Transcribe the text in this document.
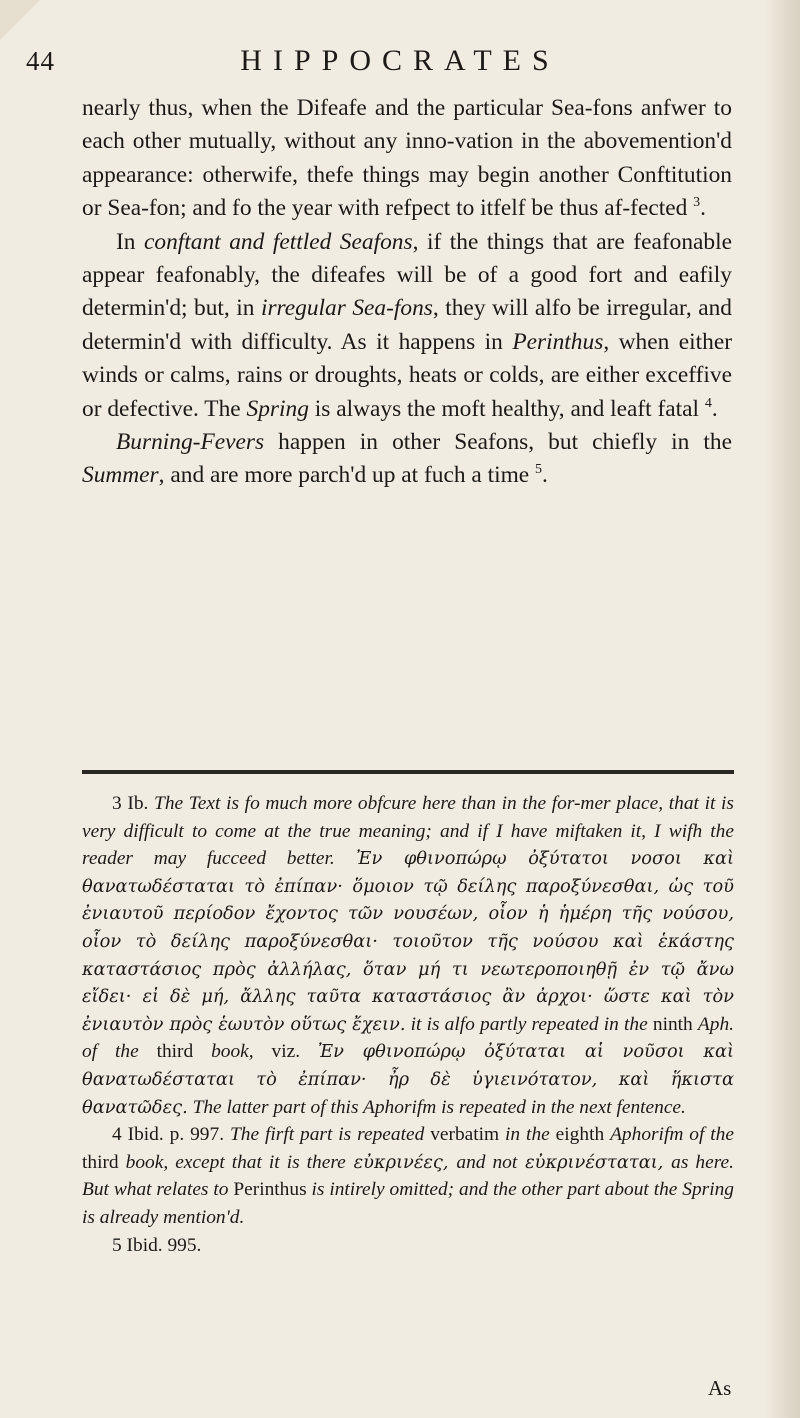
44	HIPPOCRATES

nearly thus, when the Difeafe and the particular Sea-fons anfwer to each other mutually, without any inno-vation in the abovemention'd appearance: otherwife, thefe things may begin another Conftitution or Sea-fon; and fo the year with refpect to itfelf be thus af-fected $^3$.

In conftant and fettled Seafons, if the things that are feafonable appear feafonably, the difeafes will be of a good fort and eafily determin'd; but, in irregular Sea-fons, they will alfo be irregular, and determin'd with difficulty. As it happens in Perinthus, when either winds or calms, rains or droughts, heats or colds, are either exceffive or defective. The Spring is always the moft healthy, and leaft fatal $^4$.

Burning-Fevers happen in other Seafons, but chiefly in the Summer, and are more parch'd up at fuch a time $^5$.

3 Ib. The Text is fo much more obfcure here than in the for-mer place, that it is very difficult to come at the true meaning; and if I have miftaken it, I wifh the reader may fucceed better. Ἐν φθινοπώρῳ ὀξύτατοι νοσοι καὶ θανατωδέσταται τὸ ἐπίπαν· ὅμοιον τῷ δείλης παροξύνεσθαι, ὡς τοῦ ἐνιαυτοῦ περίοδον ἔχοντος τῶν νουσέων, οἷον ἡ ἡμέρη τῆς νούσου, οἷον τὸ δείλης παροξύνεσθαι· τοιοῦτον τῆς νούσου καὶ ἑκάστης καταστάσιος πρὸς ἀλλήλας, ὅταν μή τι νεωτεροποιηθῇ ἐν τῷ ἄνω εἴδει· εἰ δὲ μή, ἄλλης ταῦτα καταστάσιος ἂν ἀρχοι· ὥστε καὶ τὸν ἐνιαυτὸν πρὸς ἑωυτὸν οὕτως ἔχειν. it is alfo partly repeated in the ninth Aph. of the third book, viz. Ἐν φθινοπώρῳ ὀξύταται αἱ νοῦσοι καὶ θανατωδέσταται τὸ ἐπίπαν· ἦρ δὲ ὑγιεινότατον, καὶ ἥκιστα θανατῶδες. The latter part of this Aphorifm is repeated in the next fentence.

4 Ibid. p. 997. The firft part is repeated verbatim in the eighth Aphorifm of the third book, except that it is there εὐκρινέες, and not εὐκρινέσταται, as here. But what relates to Perinthus is intirely omitted; and the other part about the Spring is already mention'd.

5 Ibid. 995.

As
